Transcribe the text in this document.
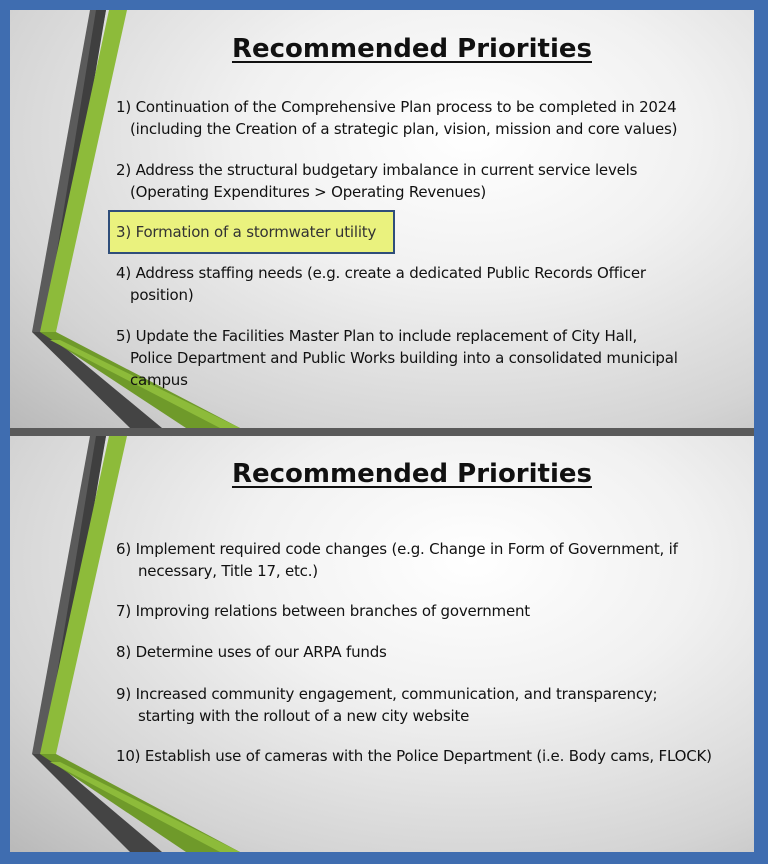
Recommended Priorities
1) Continuation of the Comprehensive Plan process to be completed in 2024
(including the Creation of a strategic plan, vision, mission and core values)
2) Address the structural budgetary imbalance in current service levels
(Operating Expenditures > Operating Revenues)
3) Formation of a stormwater utility
4) Address staffing needs (e.g. create a dedicated Public Records Officer
position)
5) Update the Facilities Master Plan to include replacement of City Hall,
Police Department and Public Works building into a consolidated municipal
campus
Recommended Priorities
6) Implement required code changes (e.g. Change in Form of Government, if
necessary, Title 17, etc.)
7) Improving relations between branches of government
8) Determine uses of our ARPA funds
9) Increased community engagement, communication, and transparency;
starting with the rollout of a new city website
10) Establish use of cameras with the Police Department (i.e. Body cams, FLOCK)
